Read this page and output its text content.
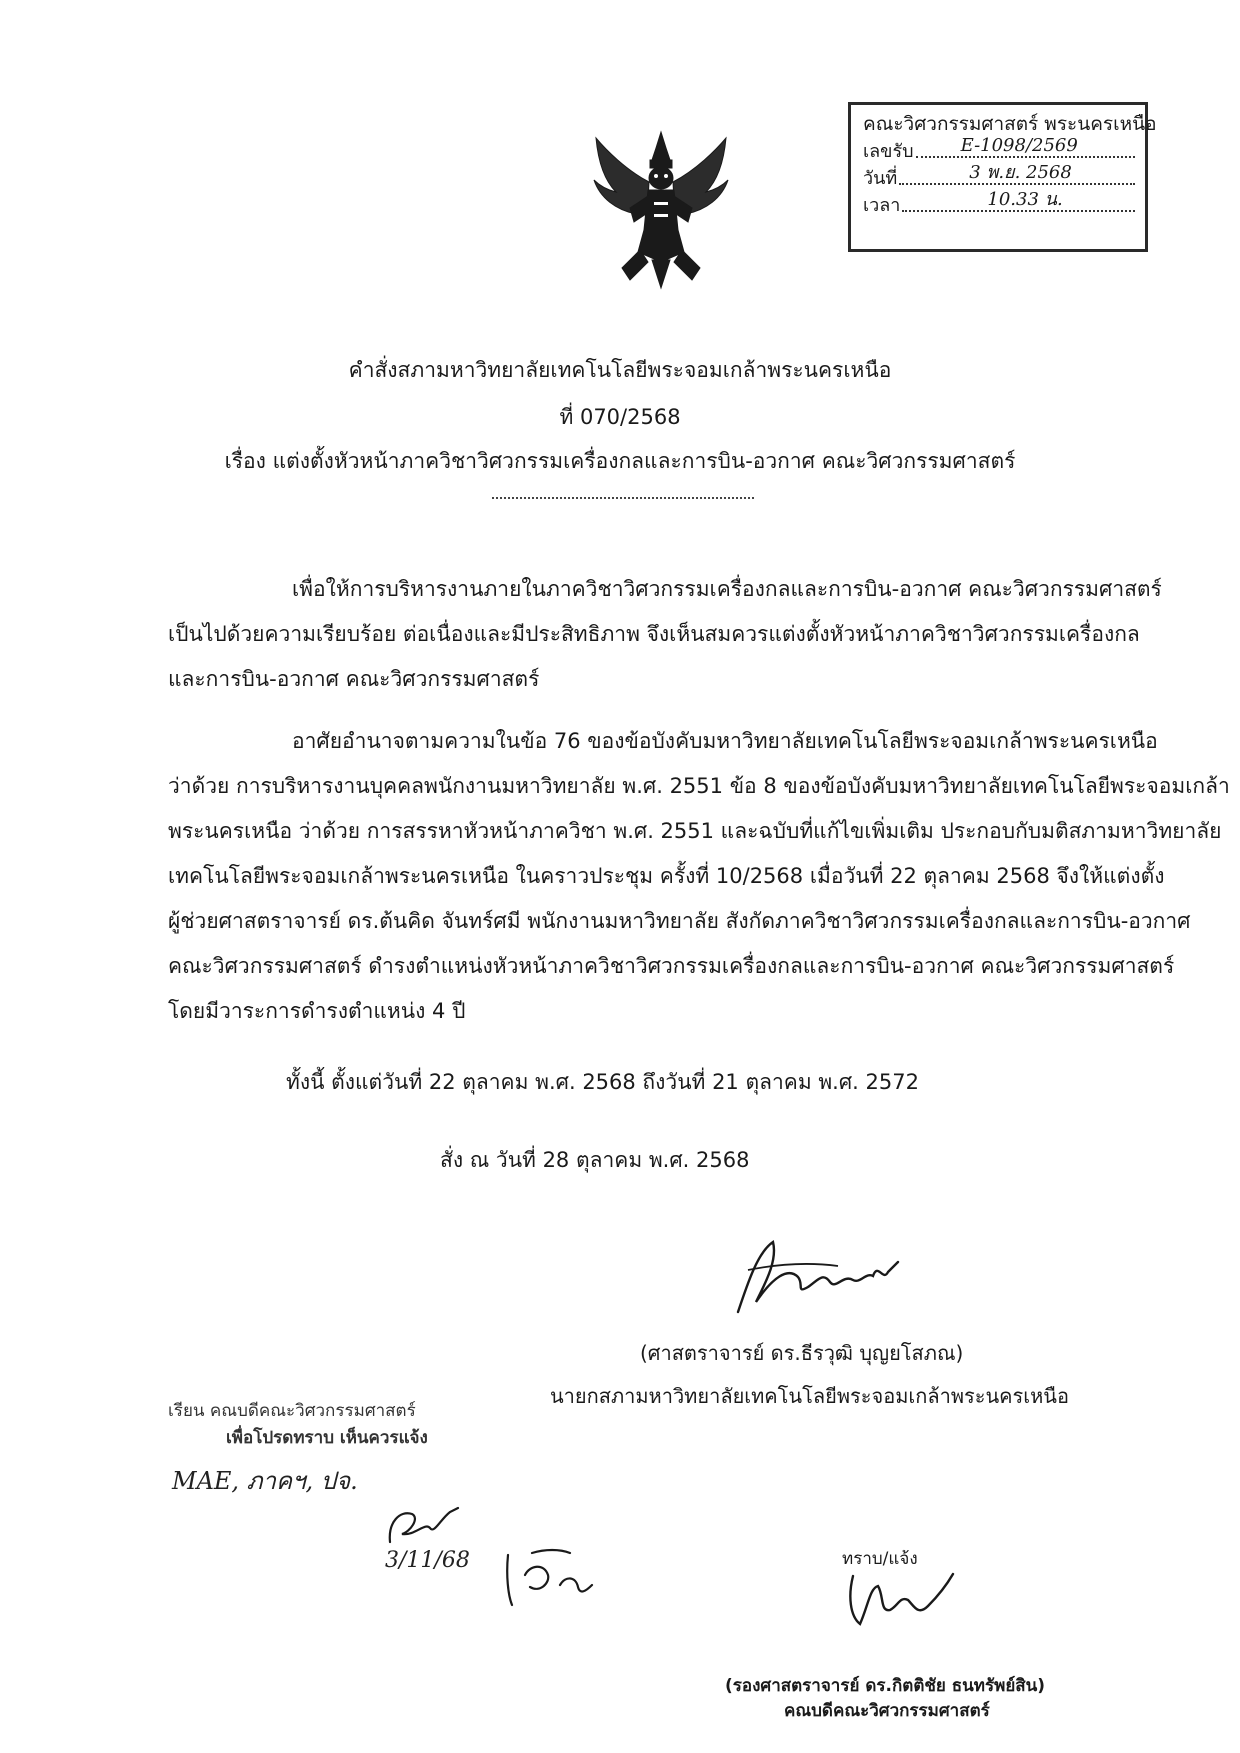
คณะวิศวกรรมศาสตร์ พระนครเหนือ
เลขรับ	E-1098/2569
วันที่	3 พ.ย. 2568
เวลา	10.33 น.
คำสั่งสภามหาวิทยาลัยเทคโนโลยีพระจอมเกล้าพระนครเหนือ
ที่ 070/2568
เรื่อง แต่งตั้งหัวหน้าภาควิชาวิศวกรรมเครื่องกลและการบิน-อวกาศ คณะวิศวกรรมศาสตร์
เพื่อให้การบริหารงานภายในภาควิชาวิศวกรรมเครื่องกลและการบิน-อวกาศ คณะวิศวกรรมศาสตร์
เป็นไปด้วยความเรียบร้อย ต่อเนื่องและมีประสิทธิภาพ จึงเห็นสมควรแต่งตั้งหัวหน้าภาควิชาวิศวกรรมเครื่องกล
และการบิน-อวกาศ คณะวิศวกรรมศาสตร์
อาศัยอำนาจตามความในข้อ 76 ของข้อบังคับมหาวิทยาลัยเทคโนโลยีพระจอมเกล้าพระนครเหนือ
ว่าด้วย การบริหารงานบุคคลพนักงานมหาวิทยาลัย พ.ศ. 2551 ข้อ 8 ของข้อบังคับมหาวิทยาลัยเทคโนโลยีพระจอมเกล้า
พระนครเหนือ ว่าด้วย การสรรหาหัวหน้าภาควิชา พ.ศ. 2551 และฉบับที่แก้ไขเพิ่มเติม ประกอบกับมติสภามหาวิทยาลัย
เทคโนโลยีพระจอมเกล้าพระนครเหนือ ในคราวประชุม ครั้งที่ 10/2568 เมื่อวันที่ 22 ตุลาคม 2568 จึงให้แต่งตั้ง
ผู้ช่วยศาสตราจารย์ ดร.ต้นคิด จันทร์ศมี พนักงานมหาวิทยาลัย สังกัดภาควิชาวิศวกรรมเครื่องกลและการบิน-อวกาศ
คณะวิศวกรรมศาสตร์ ดำรงตำแหน่งหัวหน้าภาควิชาวิศวกรรมเครื่องกลและการบิน-อวกาศ คณะวิศวกรรมศาสตร์
โดยมีวาระการดำรงตำแหน่ง 4 ปี
ทั้งนี้ ตั้งแต่วันที่ 22 ตุลาคม พ.ศ. 2568 ถึงวันที่ 21 ตุลาคม พ.ศ. 2572
สั่ง ณ วันที่ 28 ตุลาคม พ.ศ. 2568
(ศาสตราจารย์ ดร.ธีรวุฒิ บุญยโสภณ)
นายกสภามหาวิทยาลัยเทคโนโลยีพระจอมเกล้าพระนครเหนือ
เรียน คณบดีคณะวิศวกรรมศาสตร์
เพื่อโปรดทราบ เห็นควรแจ้ง
MAE, ภาคฯ, ปจ.
3/11/68	ทราบ/แจ้ง
(รองศาสตราจารย์ ดร.กิตติชัย ธนทรัพย์สิน)
คณบดีคณะวิศวกรรมศาสตร์
